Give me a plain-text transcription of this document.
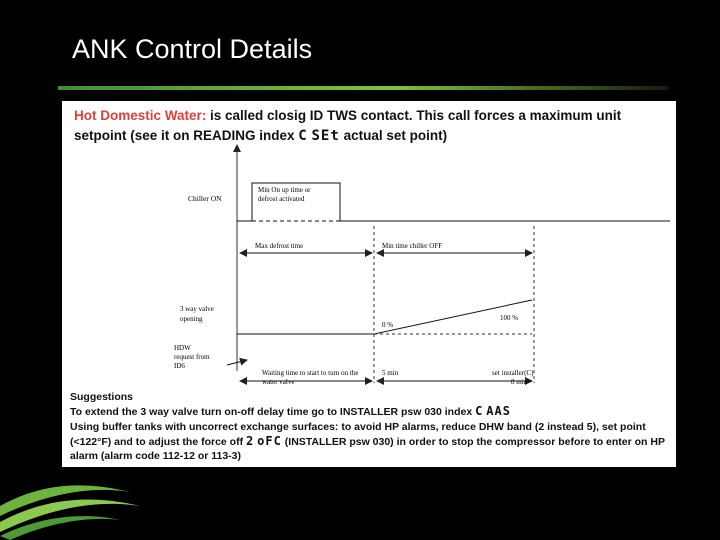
ANK Control Details
Hot Domestic Water: is called closig ID TWS contact. This call forces a maximum unit
setpoint (see it on READING index C SEt actual set point)
Chiller ON
Min On up time or
defrost activated
Max defrost time	Min time chiller OFF
3 way valve
opening
0 %
100 %
HDW
request from
ID6
Waiting time to start to turn on the
water valve
5 min	set installer(C)
8 min
Suggestions
To extend the 3 way valve turn on-off delay time go to INSTALLER psw 030 index C AAS
Using buffer tanks with uncorrect exchange surfaces: to avoid HP alarms, reduce DHW band (2 instead 5), set point
(<122°F) and to adjust the force off 2 oFC (INSTALLER psw 030) in order to stop the compressor before to enter on HP
alarm (alarm code 112-12 or 113-3)
